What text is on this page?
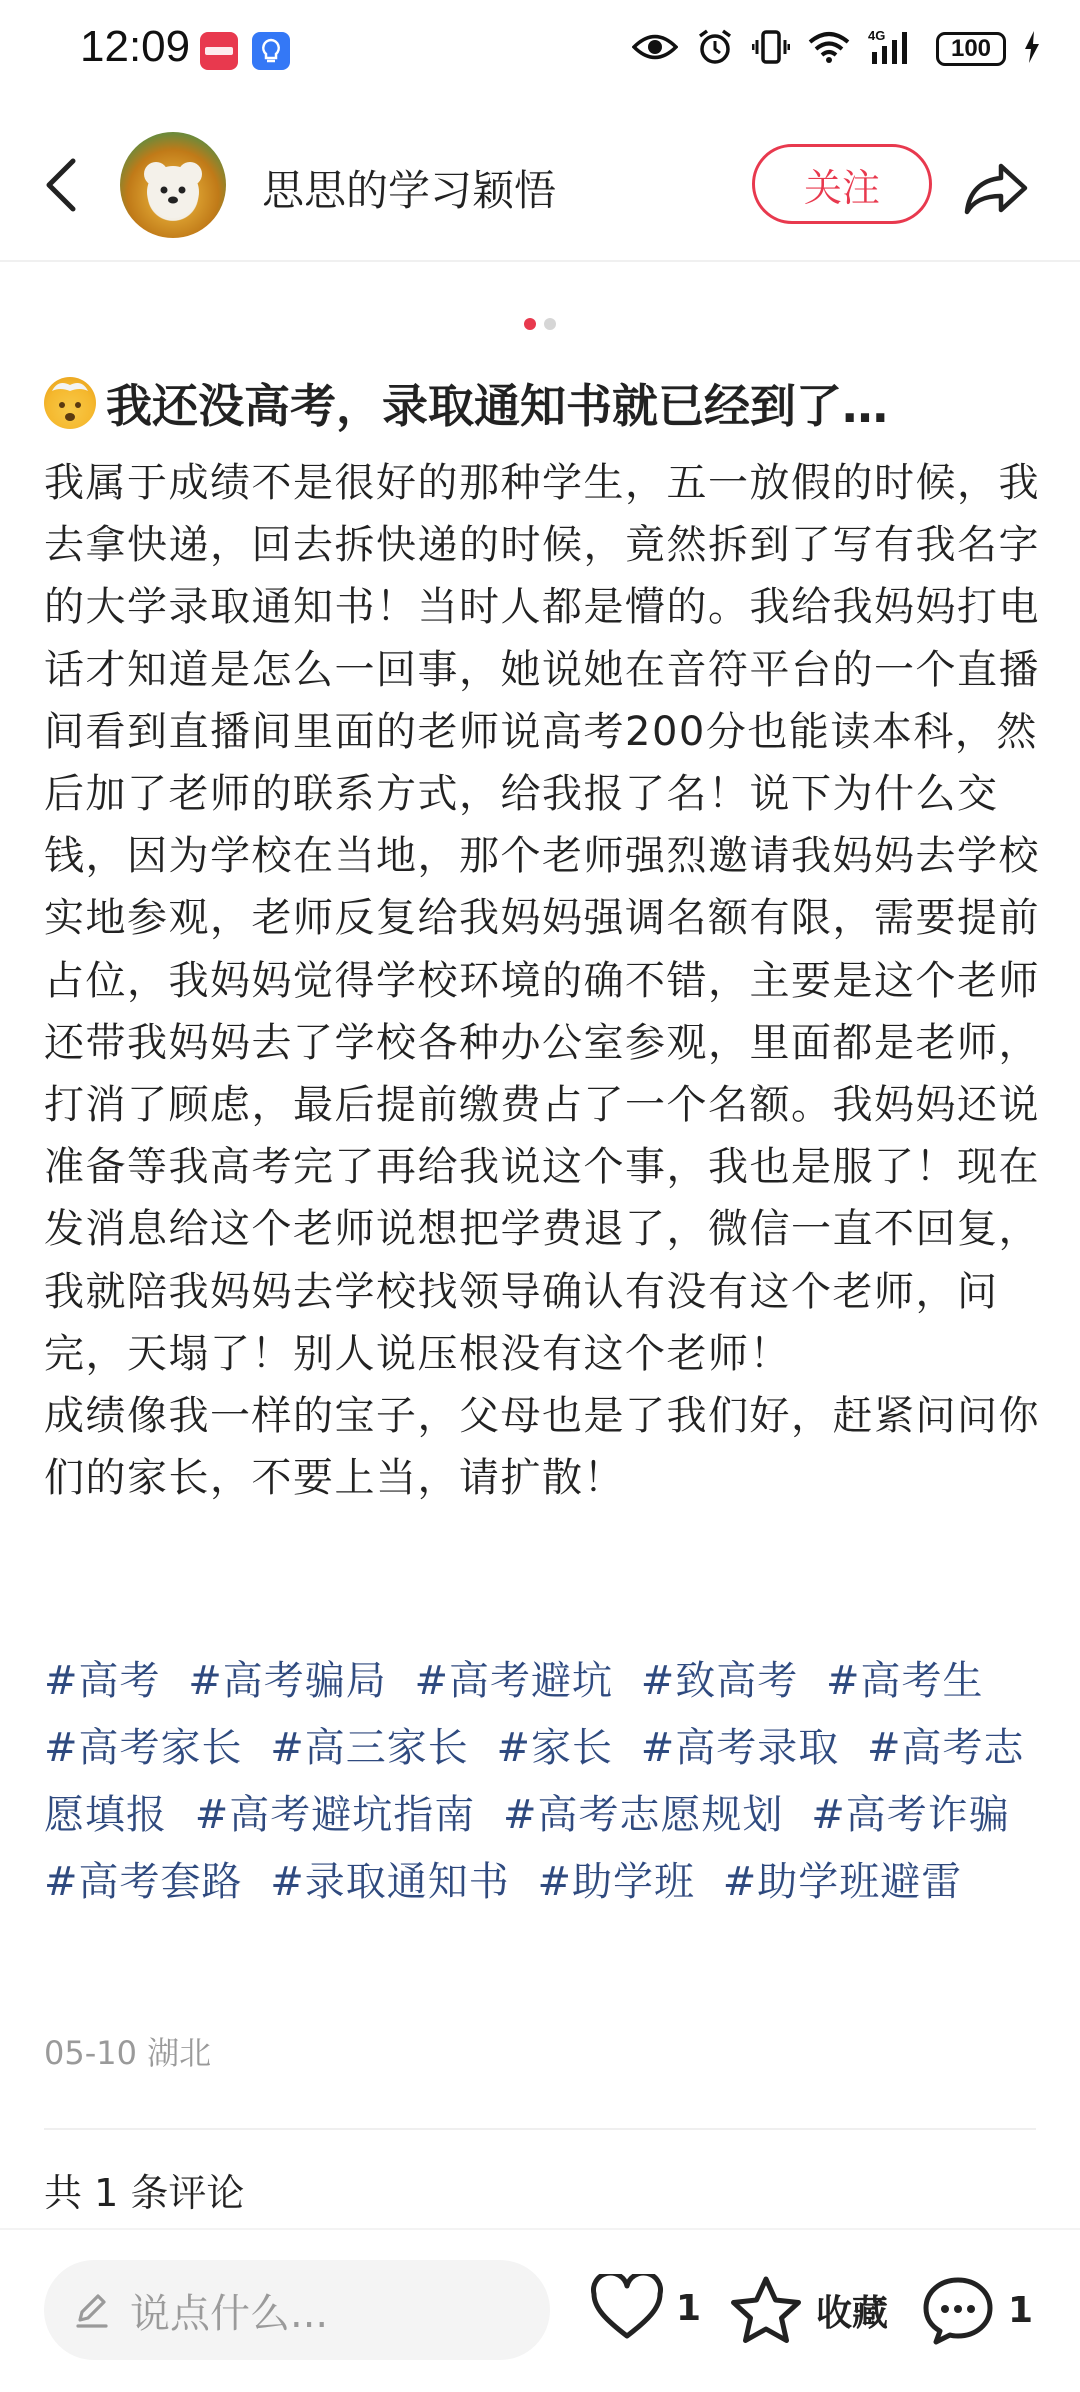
12:09	4G	100
思思的学习颖悟	关注
我还没高考，录取通知书就已经到了…

我属于成绩不是很好的那种学生，五一放假的时候，我去拿快递，回去拆快递的时候，竟然拆到了写有我名字的大学录取通知书！当时人都是懵的。我给我妈妈打电话才知道是怎么一回事，她说她在音符平台的一个直播间看到直播间里面的老师说高考200分也能读本科，然后加了老师的联系方式，给我报了名！说下为什么交钱，因为学校在当地，那个老师强烈邀请我妈妈去学校实地参观，老师反复给我妈妈强调名额有限，需要提前占位，我妈妈觉得学校环境的确不错，主要是这个老师还带我妈妈去了学校各种办公室参观，里面都是老师，打消了顾虑，最后提前缴费占了一个名额。我妈妈还说准备等我高考完了再给我说这个事，我也是服了！现在发消息给这个老师说想把学费退了，微信一直不回复，我就陪我妈妈去学校找领导确认有没有这个老师，问完，天塌了！别人说压根没有这个老师！

成绩像我一样的宝子，父母也是了我们好，赶紧问问你们的家长，不要上当，请扩散！

#高考 #高考骗局 #高考避坑 #致高考 #高考生 #高考家长 #高三家长 #家长 #高考录取 #高考志愿填报 #高考避坑指南 #高考志愿规划 #高考诈骗 #高考套路 #录取通知书 #助学班 #助学班避雷
05-10 湖北
共 1 条评论
说点什么...	1	收藏	1
